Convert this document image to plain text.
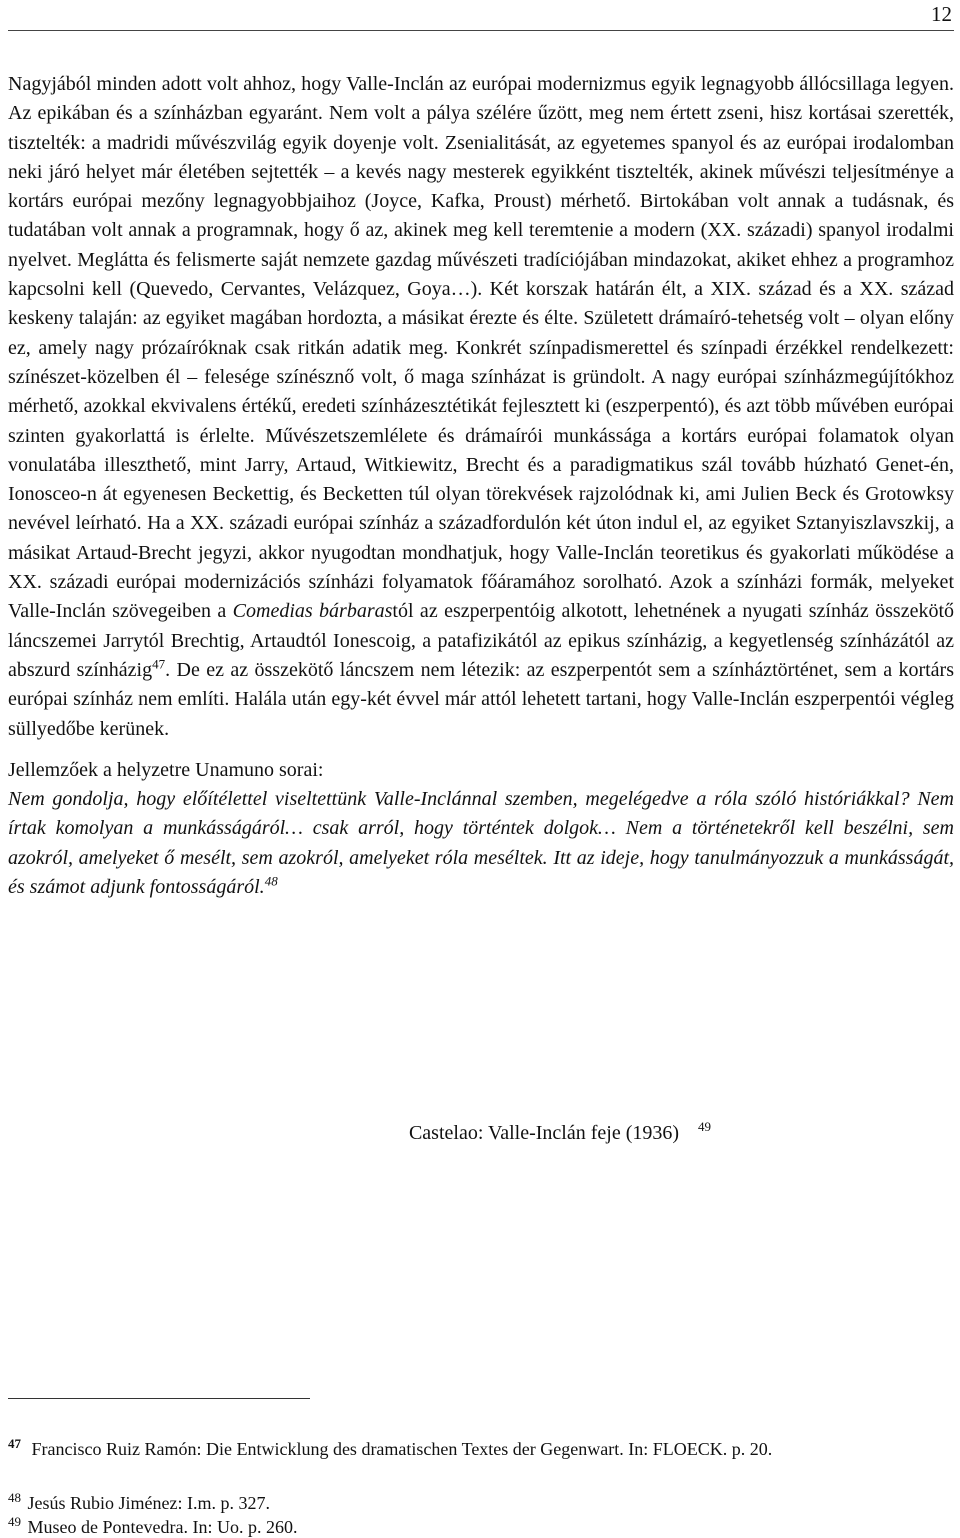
12

Nagyjából minden adott volt ahhoz, hogy Valle-Inclán az európai modernizmus egyik legnagyobb állócsillaga legyen. Az epikában és a színházban egyaránt. Nem volt a pálya szélére űzött, meg nem értett zseni, hisz kortásai szerették, tisztelték: a madridi művészvilág egyik doyenje volt. Zsenialitását, az egyetemes spanyol és az európai irodalomban neki járó helyet már életében sejtették – a kevés nagy mesterek egyikként tisztelték, akinek művészi teljesítménye a kortárs európai mezőny legnagyobbjaihoz (Joyce, Kafka, Proust) mérhető. Birtokában volt annak a tudásnak, és tudatában volt annak a programnak, hogy ő az, akinek meg kell teremtenie a modern (XX. századi) spanyol irodalmi nyelvet. Meglátta és felismerte saját nemzete gazdag művészeti tradíciójában mindazokat, akiket ehhez a programhoz kapcsolni kell (Quevedo, Cervantes, Velázquez, Goya…). Két korszak határán élt, a XIX. század és a XX. század keskeny talaján: az egyiket magában hordozta, a másikat érezte és élte. Született drámaíró-tehetség volt – olyan előny ez, amely nagy prózaíróknak csak ritkán adatik meg. Konkrét színpadismerettel és színpadi érzékkel rendelkezett: színészet-közelben él – felesége színésznő volt, ő maga színházat is gründolt. A nagy európai színházmegújítókhoz mérhető, azokkal ekvivalens értékű, eredeti színházesztétikát fejlesztett ki (eszperpentó), és azt több művében európai szinten gyakorlattá is érlelte. Művészetszemlélete és drámaírói munkássága a kortárs európai folamatok olyan vonulatába illeszthető, mint Jarry, Artaud, Witkiewitz, Brecht és a paradigmatikus szál tovább húzható Genet-én, Ionosceo-n át egyenesen Beckettig, és Becketten túl olyan törekvések rajzolódnak ki, ami Julien Beck és Grotowksy nevével leírható. Ha a XX. századi európai színház a századfordulón két úton indul el, az egyiket Sztanyiszlavszkij, a másikat Artaud-Brecht jegyzi, akkor nyugodtan mondhatjuk, hogy Valle-Inclán teoretikus és gyakorlati működése a XX. századi európai modernizációs színházi folyamatok főáramához sorolható. Azok a színházi formák, melyeket Valle-Inclán szövegeiben a Comedias bárbarastól az eszperpentóig alkotott, lehetnének a nyugati színház összekötő láncszemei Jarrytól Brechtig, Artaudtól Ionescoig, a patafizikától az epikus színházig, a kegyetlenség színházától az abszurd színházig$^{47}$. De ez az összekötő láncszem nem létezik: az eszperpentót sem a színháztörténet, sem a kortárs európai színház nem említi. Halála után egy-két évvel már attól lehetett tartani, hogy Valle-Inclán eszperpentói végleg süllyedőbe kerünek.

Jellemzőek a helyzetre Unamuno sorai:

Nem gondolja, hogy előítélettel viseltettünk Valle-Inclánnal szemben, megelégedve a róla szóló históriákkal? Nem írtak komolyan a munkásságáról… csak arról, hogy történtek dolgok… Nem a történetekről kell beszélni, sem azokról, amelyeket ő mesélt, sem azokról, amelyeket róla meséltek. Itt az ideje, hogy tanulmányozzuk a munkásságát, és számot adjunk fontosságáról.$^{48}$

Castelao: Valle-Inclán feje (1936) $^{49}$
$^{47}$ Francisco Ruiz Ramón: Die Entwicklung des dramatischen Textes der Gegenwart. In: FLOECK. p. 20.
$^{48}$ Jesús Rubio Jiménez: I.m. p. 327.
$^{49}$ Museo de Pontevedra. In: Uo. p. 260.
